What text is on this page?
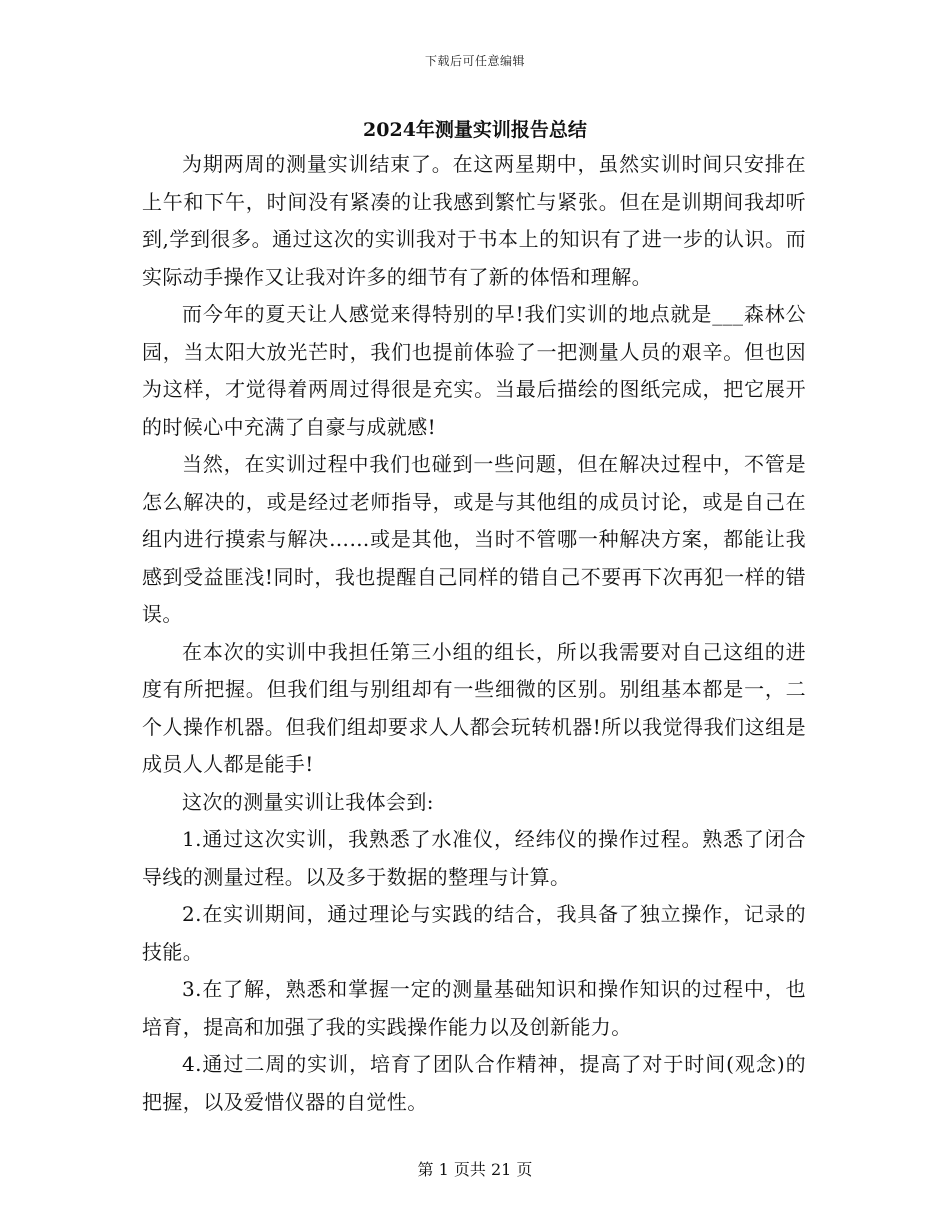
下载后可任意编辑
2024年测量实训报告总结

为期两周的测量实训结束了。在这两星期中，虽然实训时间只安排在上午和下午，时间没有紧凑的让我感到繁忙与紧张。但在是训期间我却听到,学到很多。通过这次的实训我对于书本上的知识有了进一步的认识。而实际动手操作又让我对许多的细节有了新的体悟和理解。

而今年的夏天让人感觉来得特别的早!我们实训的地点就是___森林公园，当太阳大放光芒时，我们也提前体验了一把测量人员的艰辛。但也因为这样，才觉得着两周过得很是充实。当最后描绘的图纸完成，把它展开的时候心中充满了自豪与成就感!

当然，在实训过程中我们也碰到一些问题，但在解决过程中，不管是怎么解决的，或是经过老师指导，或是与其他组的成员讨论，或是自己在组内进行摸索与解决……或是其他，当时不管哪一种解决方案，都能让我感到受益匪浅!同时，我也提醒自己同样的错自己不要再下次再犯一样的错误。

在本次的实训中我担任第三小组的组长，所以我需要对自己这组的进度有所把握。但我们组与别组却有一些细微的区别。别组基本都是一，二个人操作机器。但我们组却要求人人都会玩转机器!所以我觉得我们这组是成员人人都是能手!

这次的测量实训让我体会到:

1.通过这次实训，我熟悉了水准仪，经纬仪的操作过程。熟悉了闭合导线的测量过程。以及多于数据的整理与计算。

2.在实训期间，通过理论与实践的结合，我具备了独立操作，记录的技能。

3.在了解，熟悉和掌握一定的测量基础知识和操作知识的过程中，也培育，提高和加强了我的实践操作能力以及创新能力。

4.通过二周的实训，培育了团队合作精神，提高了对于时间(观念)的把握，以及爱惜仪器的自觉性。

第 1 页共 21 页
